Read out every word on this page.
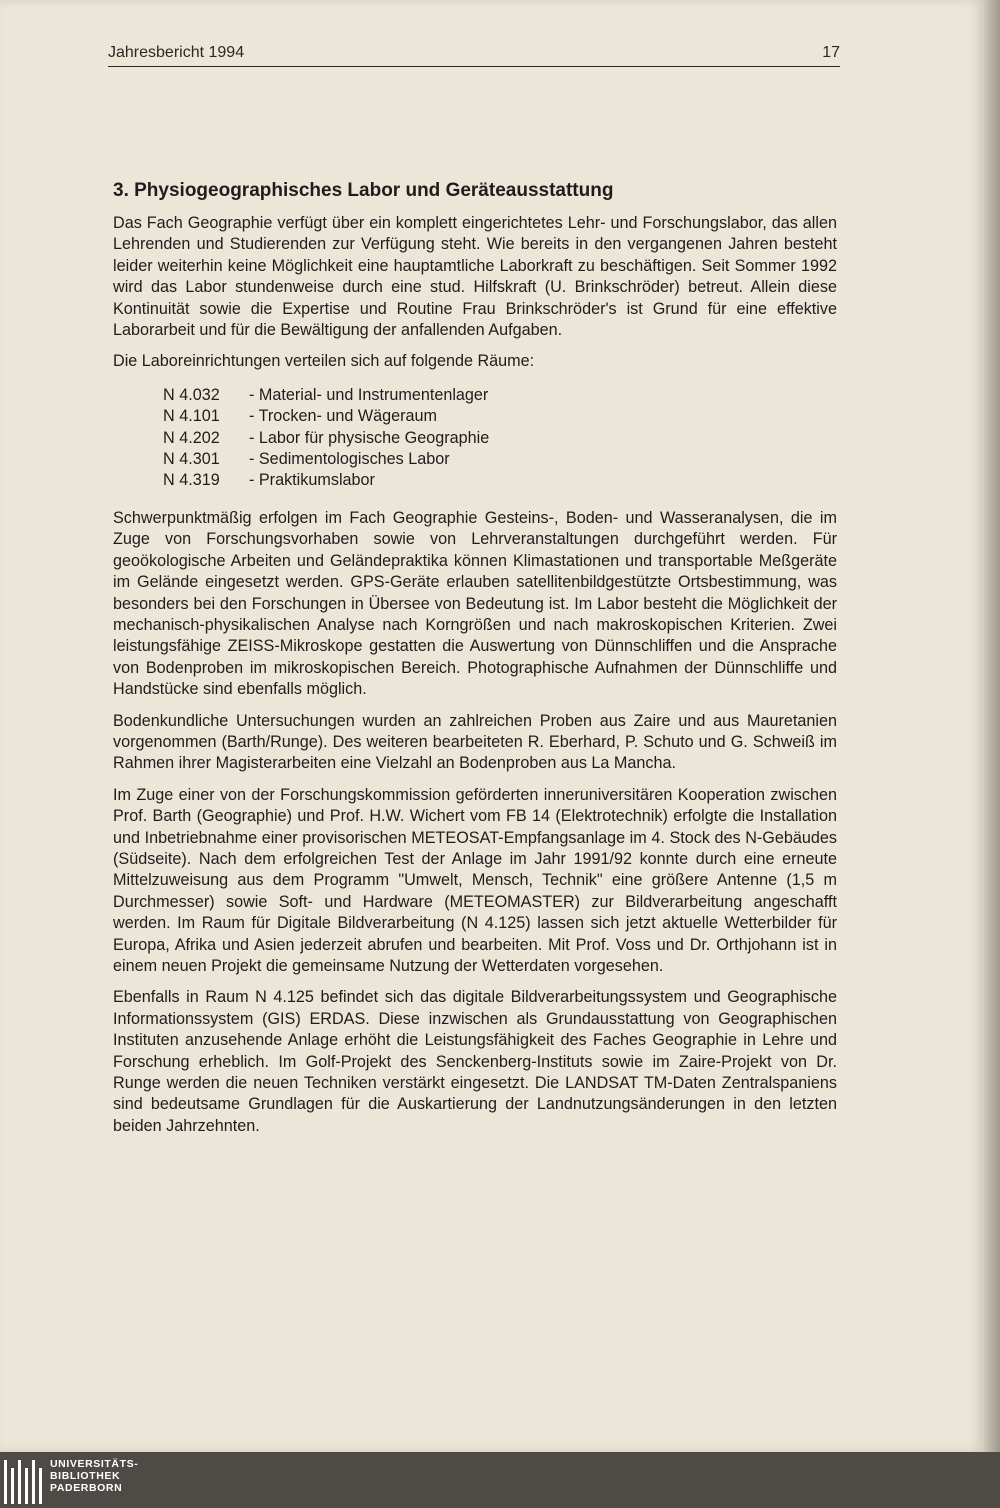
Jahresbericht 1994	17
3. Physiogeographisches Labor und Geräteausstattung

Das Fach Geographie verfügt über ein komplett eingerichtetes Lehr- und Forschungslabor, das allen Lehrenden und Studierenden zur Verfügung steht. Wie bereits in den vergangenen Jahren besteht leider weiterhin keine Möglichkeit eine hauptamtliche Laborkraft zu beschäftigen. Seit Sommer 1992 wird das Labor stundenweise durch eine stud. Hilfskraft (U. Brinkschröder) betreut. Allein diese Kontinuität sowie die Expertise und Routine Frau Brinkschröder's ist Grund für eine effektive Laborarbeit und für die Bewältigung der anfallenden Aufgaben.

Die Laboreinrichtungen verteilen sich auf folgende Räume:

N 4.032	- Material- und Instrumentenlager
N 4.101	- Trocken- und Wägeraum
N 4.202	- Labor für physische Geographie
N 4.301	- Sedimentologisches Labor
N 4.319	- Praktikumslabor

Schwerpunktmäßig erfolgen im Fach Geographie Gesteins-, Boden- und Wasseranalysen, die im Zuge von Forschungsvorhaben sowie von Lehrveranstaltungen durchgeführt werden. Für geoökologische Arbeiten und Geländepraktika können Klimastationen und transportable Meßgeräte im Gelände eingesetzt werden. GPS-Geräte erlauben satellitenbildgestützte Ortsbestimmung, was besonders bei den Forschungen in Übersee von Bedeutung ist. Im Labor besteht die Möglichkeit der mechanisch-physikalischen Analyse nach Korngrößen und nach makroskopischen Kriterien. Zwei leistungsfähige ZEISS-Mikroskope gestatten die Auswertung von Dünnschliffen und die Ansprache von Bodenproben im mikroskopischen Bereich. Photographische Aufnahmen der Dünnschliffe und Handstücke sind ebenfalls möglich.

Bodenkundliche Untersuchungen wurden an zahlreichen Proben aus Zaire und aus Mauretanien vorgenommen (Barth/Runge). Des weiteren bearbeiteten R. Eberhard, P. Schuto und G. Schweiß im Rahmen ihrer Magisterarbeiten eine Vielzahl an Bodenproben aus La Mancha.

Im Zuge einer von der Forschungskommission geförderten inneruniversitären Kooperation zwischen Prof. Barth (Geographie) und Prof. H.W. Wichert vom FB 14 (Elektrotechnik) erfolgte die Installation und Inbetriebnahme einer provisorischen METEOSAT-Empfangsanlage im 4. Stock des N-Gebäudes (Südseite). Nach dem erfolgreichen Test der Anlage im Jahr 1991/92 konnte durch eine erneute Mittelzuweisung aus dem Programm "Umwelt, Mensch, Technik" eine größere Antenne (1,5 m Durchmesser) sowie Soft- und Hardware (METEOMASTER) zur Bildverarbeitung angeschafft werden. Im Raum für Digitale Bildverarbeitung (N 4.125) lassen sich jetzt aktuelle Wetterbilder für Europa, Afrika und Asien jederzeit abrufen und bearbeiten. Mit Prof. Voss und Dr. Orthjohann ist in einem neuen Projekt die gemeinsame Nutzung der Wetterdaten vorgesehen.

Ebenfalls in Raum N 4.125 befindet sich das digitale Bildverarbeitungssystem und Geographische Informationssystem (GIS) ERDAS. Diese inzwischen als Grundausstattung von Geographischen Instituten anzusehende Anlage erhöht die Leistungsfähigkeit des Faches Geographie in Lehre und Forschung erheblich. Im Golf-Projekt des Senckenberg-Instituts sowie im Zaire-Projekt von Dr. Runge werden die neuen Techniken verstärkt eingesetzt. Die LANDSAT TM-Daten Zentralspaniens sind bedeutsame Grundlagen für die Auskartierung der Landnutzungsänderungen in den letzten beiden Jahrzehnten.

UNIVERSITÄTS-
BIBLIOTHEK
PADERBORN
